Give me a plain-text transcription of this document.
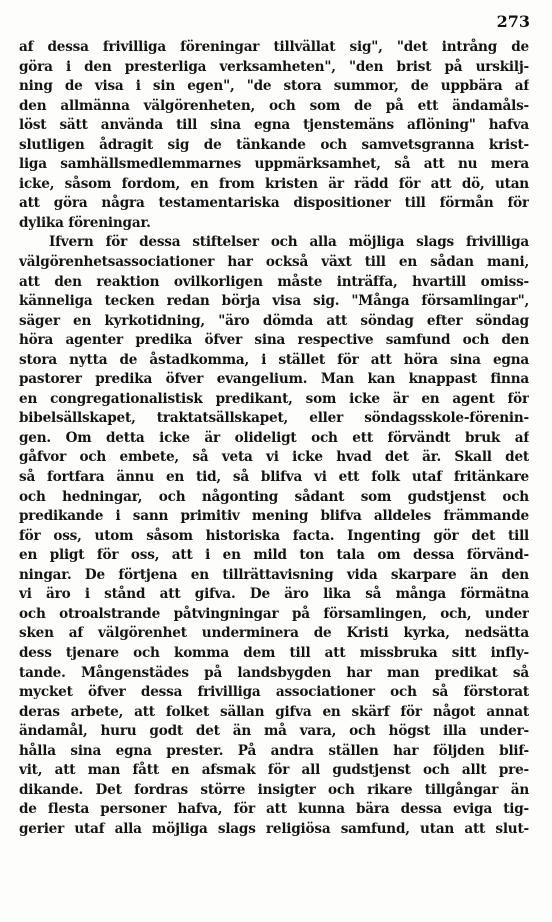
273
af dessa frivilliga föreningar tillvällat sig", "det intrång de
göra i den presterliga verksamheten", "den brist på urskilj-
ning de visa i sin egen", "de stora summor, de uppbära af
den allmänna välgörenheten, och som de på ett ändamåls-
löst sätt använda till sina egna tjenstemäns aflöning" hafva
slutligen ådragit sig de tänkande och samvetsgranna krist-
liga samhällsmedlemmarnes uppmärksamhet, så att nu mera
icke, såsom fordom, en from kristen är rädd för att dö, utan
att göra några testamentariska dispositioner till förmån för
dylika föreningar.
Ifvern för dessa stiftelser och alla möjliga slags frivilliga
välgörenhetsassociationer har också växt till en sådan mani,
att den reaktion ovilkorligen måste inträffa, hvartill omiss-
känneliga tecken redan börja visa sig. "Många församlingar",
säger en kyrkotidning, "äro dömda att söndag efter söndag
höra agenter predika öfver sina respective samfund och den
stora nytta de åstadkomma, i stället för att höra sina egna
pastorer predika öfver evangelium. Man kan knappast finna
en congregationalistisk predikant, som icke är en agent för
bibelsällskapet, traktatsällskapet, eller söndagsskole-förenin-
gen. Om detta icke är olideligt och ett förvändt bruk af
gåfvor och embete, så veta vi icke hvad det är. Skall det
så fortfara ännu en tid, så blifva vi ett folk utaf fritänkare
och hedningar, och någonting sådant som gudstjenst och
predikande i sann primitiv mening blifva alldeles främmande
för oss, utom såsom historiska facta. Ingenting gör det till
en pligt för oss, att i en mild ton tala om dessa förvänd-
ningar. De förtjena en tillrättavisning vida skarpare än den
vi äro i stånd att gifva. De äro lika så många förmätna
och otroalstrande påtvingningar på församlingen, och, under
sken af välgörenhet underminera de Kristi kyrka, nedsätta
dess tjenare och komma dem till att missbruka sitt infly-
tande. Mångenstädes på landsbygden har man predikat så
mycket öfver dessa frivilliga associationer och så förstorat
deras arbete, att folket sällan gifva en skärf för något annat
ändamål, huru godt det än må vara, och högst illa under-
hålla sina egna prester. På andra ställen har följden blif-
vit, att man fått en afsmak för all gudstjenst och allt pre-
dikande. Det fordras större insigter och rikare tillgångar än
de flesta personer hafva, för att kunna bära dessa eviga tig-
gerier utaf alla möjliga slags religiösa samfund, utan att slut-
